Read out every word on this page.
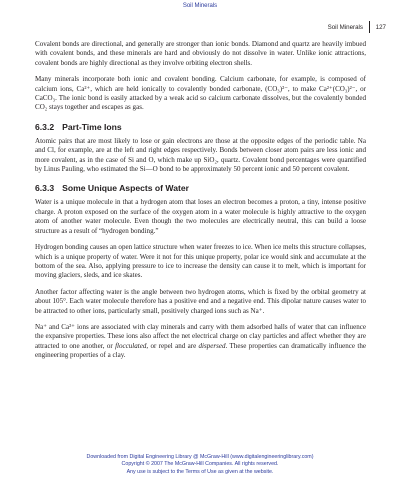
Soil Minerals
Soil Minerals 127

Covalent bonds are directional, and generally are stronger than ionic bonds. Diamond and quartz are heavily imbued with covalent bonds, and these minerals are hard and obviously do not dissolve in water. Unlike ionic attractions, covalent bonds are highly directional as they involve orbiting electron shells.

Many minerals incorporate both ionic and covalent bonding. Calcium carbonate, for example, is composed of calcium ions, Ca²⁺, which are held ionically to covalently bonded carbonate, (CO₃)²⁻, to make Ca²⁺(CO₃)²⁻, or CaCO₃. The ionic bond is easily attacked by a weak acid so calcium carbonate dissolves, but the covalently bonded CO₂ stays together and escapes as gas.

6.3.2 Part-Time Ions

Atomic pairs that are most likely to lose or gain electrons are those at the opposite edges of the periodic table. Na and Cl, for example, are at the left and right edges respectively. Bonds between closer atom pairs are less ionic and more covalent, as in the case of Si and O, which make up SiO₂, quartz. Covalent bond percentages were quantified by Linus Pauling, who estimated the Si—O bond to be approximately 50 percent ionic and 50 percent covalent.

6.3.3 Some Unique Aspects of Water

Water is a unique molecule in that a hydrogen atom that loses an electron becomes a proton, a tiny, intense positive charge. A proton exposed on the surface of the oxygen atom in a water molecule is highly attractive to the oxygen atom of another water molecule. Even though the two molecules are electrically neutral, this can build a loose structure as a result of “hydrogen bonding.”

Hydrogen bonding causes an open lattice structure when water freezes to ice. When ice melts this structure collapses, which is a unique property of water. Were it not for this unique property, polar ice would sink and accumulate at the bottom of the sea. Also, applying pressure to ice to increase the density can cause it to melt, which is important for moving glaciers, sleds, and ice skates.

Another factor affecting water is the angle between two hydrogen atoms, which is fixed by the orbital geometry at about 105°. Each water molecule therefore has a positive end and a negative end. This dipolar nature causes water to be attracted to other ions, particularly small, positively charged ions such as Na⁺.

Na⁺ and Ca²⁺ ions are associated with clay minerals and carry with them adsorbed halls of water that can influence the expansive properties. These ions also affect the net electrical charge on clay particles and affect whether they are attracted to one another, or flocculated, or repel and are dispersed. These properties can dramatically influence the engineering properties of a clay.

Downloaded from Digital Engineering Library @ McGraw-Hill (www.digitalengineeringlibrary.com)
Copyright © 2007 The McGraw-Hill Companies. All rights reserved.
Any use is subject to the Terms of Use as given at the website.
